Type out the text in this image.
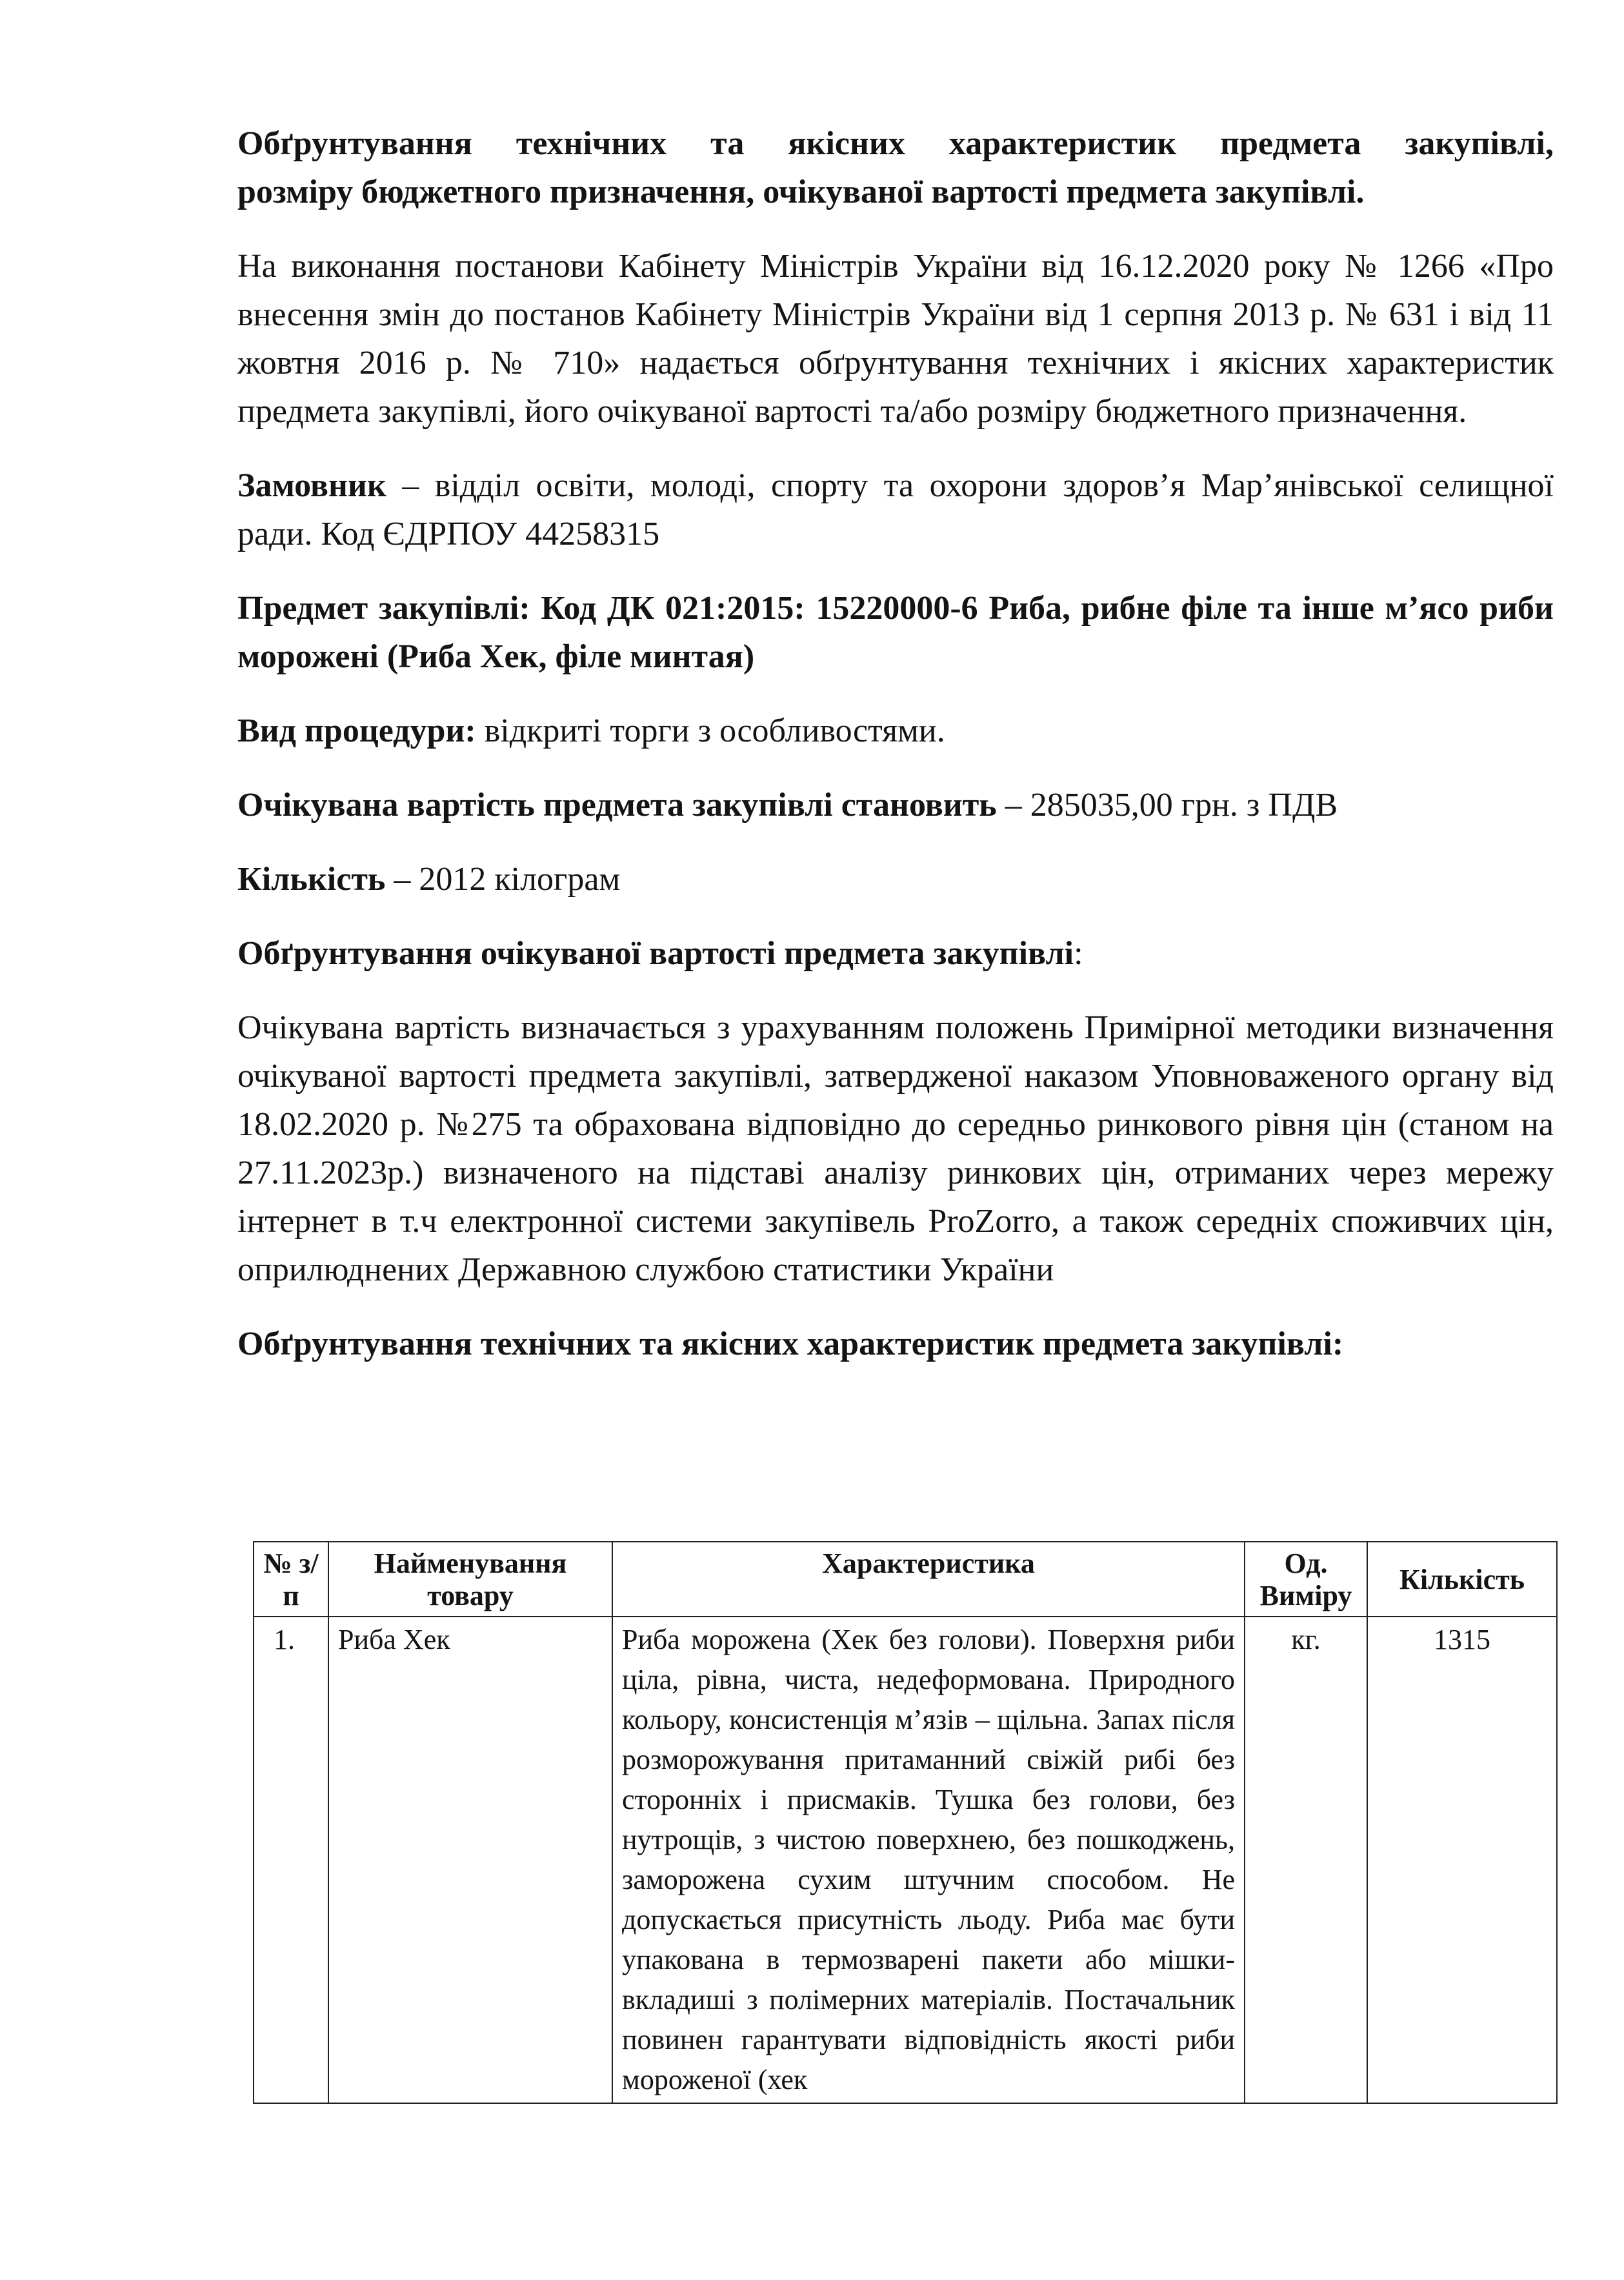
Обґрунтування технічних та якісних характеристик предмета закупівлі,
розміру бюджетного призначення, очікуваної вартості предмета закупівлі.

На виконання постанови Кабінету Міністрів України від 16.12.2020 року № 1266 «Про внесення змін до постанов Кабінету Міністрів України від 1 серпня 2013 р. № 631 і від 11 жовтня 2016 р. № 710» надається обґрунтування технічних і якісних характеристик предмета закупівлі, його очікуваної вартості та/або розміру бюджетного призначення.

Замовник – відділ освіти, молоді, спорту та охорони здоров’я Мар’янівської селищної ради. Код ЄДРПОУ 44258315

Предмет закупівлі: Код ДК 021:2015: 15220000-6 Риба, рибне філе та інше м’ясо риби морожені (Риба Хек, філе минтая)

Вид процедури: відкриті торги з особливостями.

Очікувана вартість предмета закупівлі становить – 285035,00 грн. з ПДВ

Кількість – 2012 кілограм

Обґрунтування очікуваної вартості предмета закупівлі:

Очікувана вартість визначається з урахуванням положень Примірної методики визначення очікуваної вартості предмета закупівлі, затвердженої наказом Уповноваженого органу від 18.02.2020 р. №275 та обрахована відповідно до середньо ринкового рівня цін (станом на 27.11.2023р.) визначеного на підставі аналізу ринкових цін, отриманих через мережу інтернет в т.ч електронної системи закупівель ProZorro, а також середніх споживчих цін, оприлюднених Державною службою статистики України

Обґрунтування технічних та якісних характеристик предмета закупівлі:

№ з/п	Найменування товару	Характеристика	Од. Виміру	Кількість
1.	Риба Хек	Риба морожена (Хек без голови). Поверхня риби ціла, рівна, чиста, недеформована. Природного кольору, консистенція м’язів – щільна. Запах після розморожування притаманний свіжій рибі без сторонніх і присмаків. Тушка без голови, без нутрощів, з чистою поверхнею, без пошкоджень, заморожена сухим штучним способом. Не допускається присутність льоду. Риба має бути упакована в термозварені пакети або мішки-вкладиші з полімерних матеріалів. Постачальник повинен гарантувати відповідність якості риби мороженої (хек	кг.	1315
